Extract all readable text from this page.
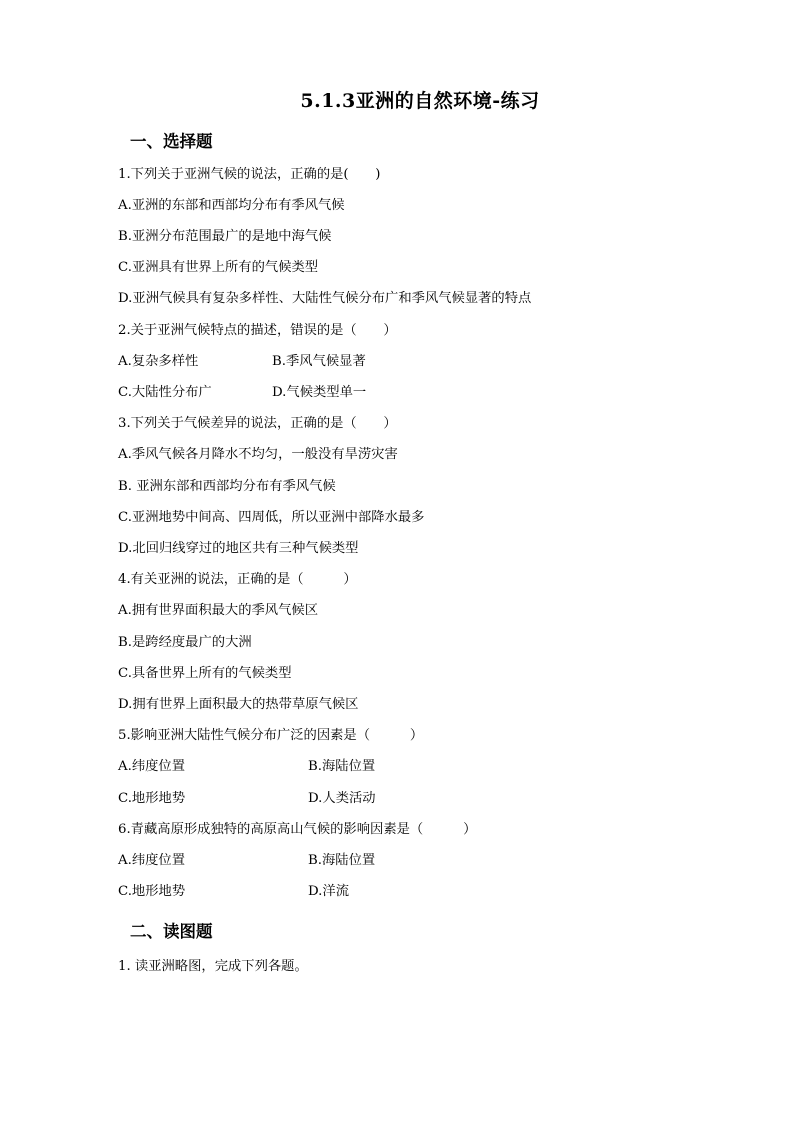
5.1.3亚洲的自然环境-练习
一、选择题
1.下列关于亚洲气候的说法，正确的是(　　)
A.亚洲的东部和西部均分布有季风气候
B.亚洲分布范围最广的是地中海气候
C.亚洲具有世界上所有的气候类型
D.亚洲气候具有复杂多样性、大陆性气候分布广和季风气候显著的特点
2.关于亚洲气候特点的描述，错误的是（　　）
A.复杂多样性	B.季风气候显著
C.大陆性分布广	D.气候类型单一
3.下列关于气候差异的说法，正确的是（　　）
A.季风气候各月降水不均匀，一般没有旱涝灾害
B. 亚洲东部和西部均分布有季风气候
C.亚洲地势中间高、四周低，所以亚洲中部降水最多
D.北回归线穿过的地区共有三种气候类型
4.有关亚洲的说法，正确的是（　　　）
A.拥有世界面积最大的季风气候区
B.是跨经度最广的大洲
C.具备世界上所有的气候类型
D.拥有世界上面积最大的热带草原气候区
5.影响亚洲大陆性气候分布广泛的因素是（　　　）
A.纬度位置	B.海陆位置
C.地形地势	D.人类活动
6.青藏高原形成独特的高原高山气候的影响因素是（　　　）
A.纬度位置	B.海陆位置
C.地形地势	D.洋流
二、读图题
1. 读亚洲略图，完成下列各题。
